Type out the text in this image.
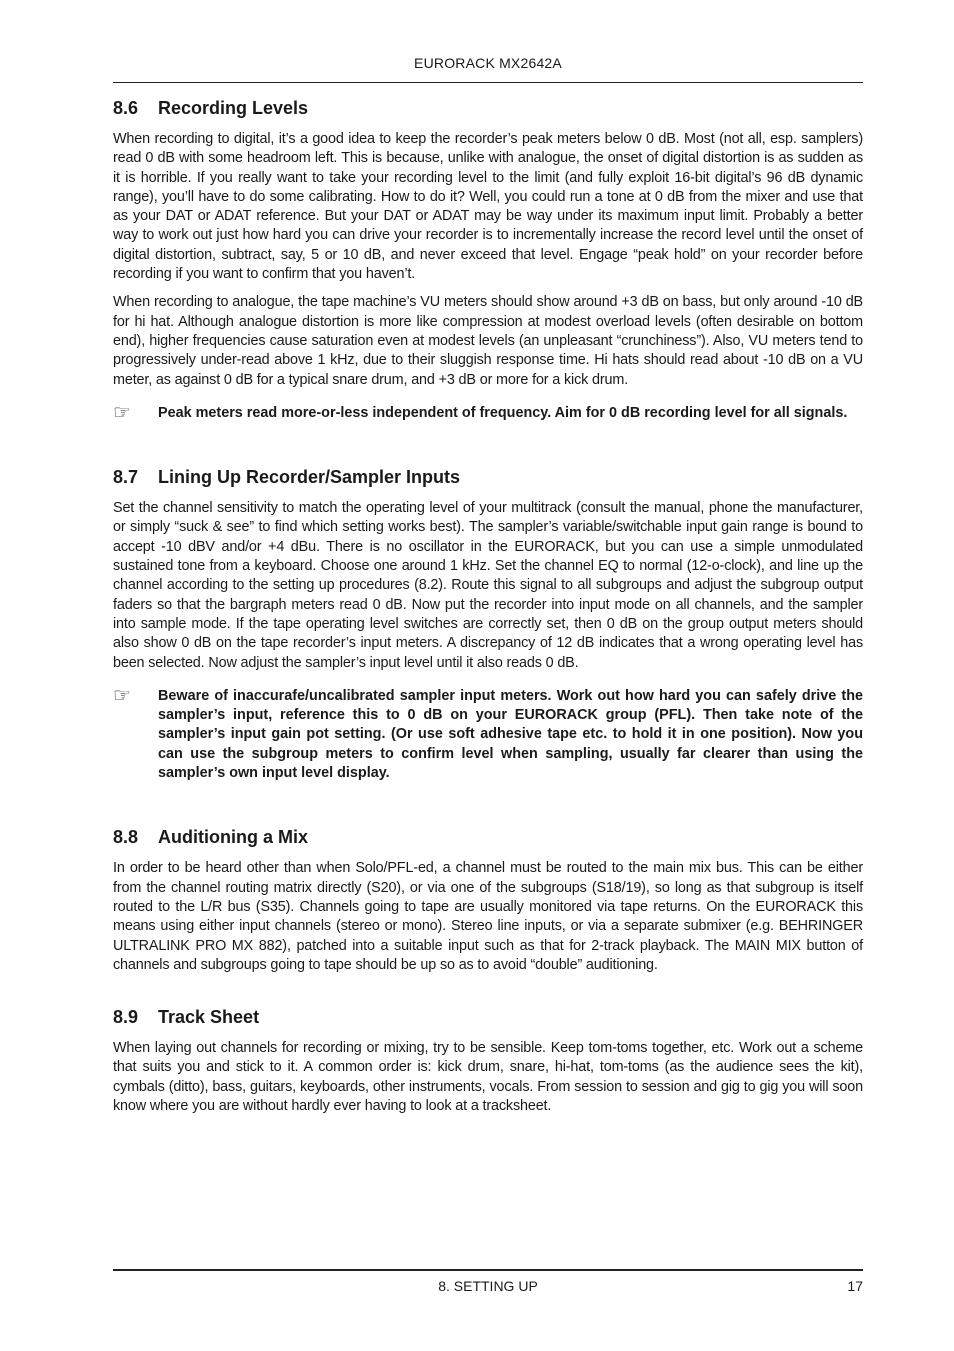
EURORACK MX2642A
8.6	Recording Levels

When recording to digital, it’s a good idea to keep the recorder’s peak meters below 0 dB. Most (not all, esp. samplers) read 0 dB with some headroom left. This is because, unlike with analogue, the onset of digital distortion is as sudden as it is horrible. If you really want to take your recording level to the limit (and fully exploit 16-bit digital’s 96 dB dynamic range), you’ll have to do some calibrating. How to do it? Well, you could run a tone at 0 dB from the mixer and use that as your DAT or ADAT reference. But your DAT or ADAT may be way under its maximum input limit. Probably a better way to work out just how hard you can drive your recorder is to incrementally increase the record level until the onset of digital distortion, subtract, say, 5 or 10 dB, and never exceed that level. Engage “peak hold” on your recorder before recording if you want to confirm that you haven’t.

When recording to analogue, the tape machine’s VU meters should show around +3 dB on bass, but only around -10 dB for hi hat. Although analogue distortion is more like compression at modest overload levels (often desirable on bottom end), higher frequencies cause saturation even at modest levels (an unpleasant “crunchiness”). Also, VU meters tend to progressively under-read above 1 kHz, due to their sluggish response time. Hi hats should read about -10 dB on a VU meter, as against 0 dB for a typical snare drum, and +3 dB or more for a kick drum.

☞	Peak meters read more-or-less independent of frequency. Aim for 0 dB recording level for all signals.
8.7	Lining Up Recorder/Sampler Inputs

Set the channel sensitivity to match the operating level of your multitrack (consult the manual, phone the manufacturer, or simply “suck & see” to find which setting works best). The sampler’s variable/switchable input gain range is bound to accept -10 dBV and/or +4 dBu. There is no oscillator in the EURORACK, but you can use a simple unmodulated sustained tone from a keyboard. Choose one around 1 kHz. Set the channel EQ to normal (12-o-clock), and line up the channel according to the setting up procedures (8.2). Route this signal to all subgroups and adjust the subgroup output faders so that the bargraph meters read 0 dB. Now put the recorder into input mode on all channels, and the sampler into sample mode. If the tape operating level switches are correctly set, then 0 dB on the group output meters should also show 0 dB on the tape recorder’s input meters. A discrepancy of 12 dB indicates that a wrong operating level has been selected. Now adjust the sampler’s input level until it also reads 0 dB.

☞	Beware of inaccurafe/uncalibrated sampler input meters. Work out how hard you can safely drive the sampler’s input, reference this to 0 dB on your EURORACK group (PFL). Then take note of the sampler’s input gain pot setting. (Or use soft adhesive tape etc. to hold it in one position). Now you can use the subgroup meters to confirm level when sampling, usually far clearer than using the sampler’s own input level display.
8.8	Auditioning a Mix

In order to be heard other than when Solo/PFL-ed, a channel must be routed to the main mix bus. This can be either from the channel routing matrix directly (S20), or via one of the subgroups (S18/19), so long as that subgroup is itself routed to the L/R bus (S35). Channels going to tape are usually monitored via tape returns. On the EURORACK this means using either input channels (stereo or mono). Stereo line inputs, or via a separate submixer (e.g. BEHRINGER ULTRALINK PRO MX 882), patched into a suitable input such as that for 2-track playback. The MAIN MIX button of channels and subgroups going to tape should be up so as to avoid “double” auditioning.

8.9	Track Sheet

When laying out channels for recording or mixing, try to be sensible. Keep tom-toms together, etc. Work out a scheme that suits you and stick to it. A common order is: kick drum, snare, hi-hat, tom-toms (as the audience sees the kit), cymbals (ditto), bass, guitars, keyboards, other instruments, vocals. From session to session and gig to gig you will soon know where you are without hardly ever having to look at a tracksheet.

8. SETTING UP	17
